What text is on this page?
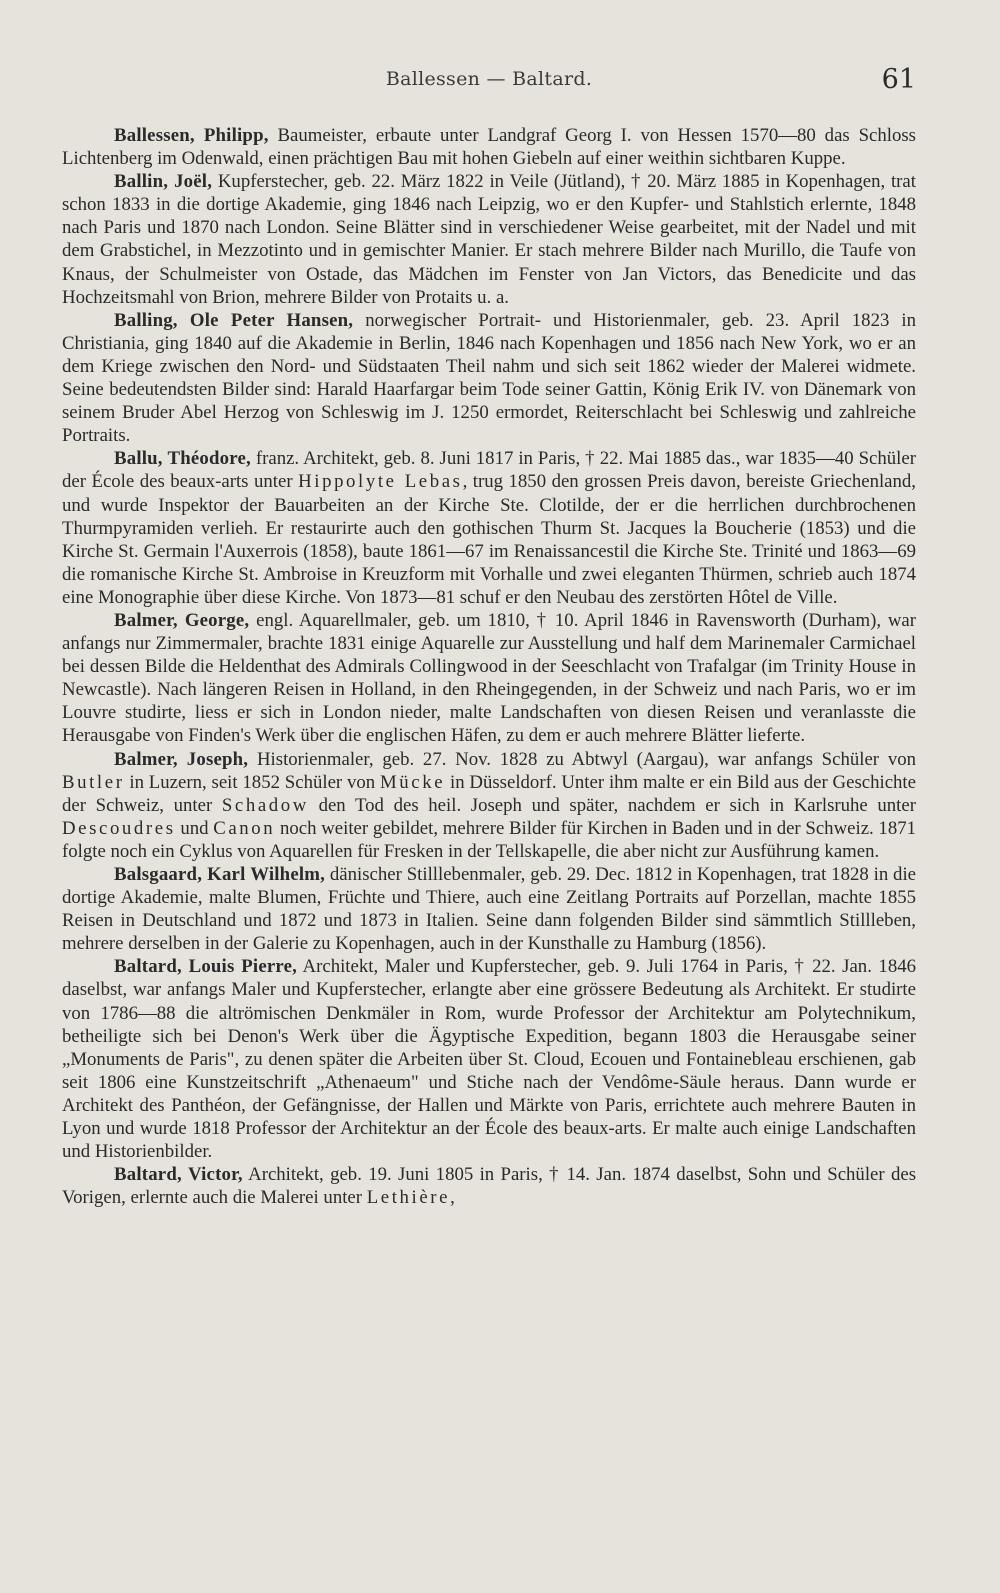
Ballessen — Baltard.	61

Ballessen, Philipp, Baumeister, erbaute unter Landgraf Georg I. von Hessen 1570—80 das Schloss Lichtenberg im Odenwald, einen prächtigen Bau mit hohen Giebeln auf einer weithin sichtbaren Kuppe.

Ballin, Joël, Kupferstecher, geb. 22. März 1822 in Veile (Jütland), † 20. März 1885 in Kopenhagen, trat schon 1833 in die dortige Akademie, ging 1846 nach Leipzig, wo er den Kupfer- und Stahlstich erlernte, 1848 nach Paris und 1870 nach London. Seine Blätter sind in verschiedener Weise gearbeitet, mit der Nadel und mit dem Grabstichel, in Mezzotinto und in gemischter Manier. Er stach mehrere Bilder nach Murillo, die Taufe von Knaus, der Schulmeister von Ostade, das Mädchen im Fenster von Jan Victors, das Benedicite und das Hochzeitsmahl von Brion, mehrere Bilder von Protaits u. a.

Balling, Ole Peter Hansen, norwegischer Portrait- und Historienmaler, geb. 23. April 1823 in Christiania, ging 1840 auf die Akademie in Berlin, 1846 nach Kopenhagen und 1856 nach New York, wo er an dem Kriege zwischen den Nord- und Südstaaten Theil nahm und sich seit 1862 wieder der Malerei widmete. Seine bedeutendsten Bilder sind: Harald Haarfargar beim Tode seiner Gattin, König Erik IV. von Dänemark von seinem Bruder Abel Herzog von Schleswig im J. 1250 ermordet, Reiterschlacht bei Schleswig und zahlreiche Portraits.

Ballu, Théodore, franz. Architekt, geb. 8. Juni 1817 in Paris, † 22. Mai 1885 das., war 1835—40 Schüler der École des beaux-arts unter Hippolyte Lebas, trug 1850 den grossen Preis davon, bereiste Griechenland, und wurde Inspektor der Bauarbeiten an der Kirche Ste. Clotilde, der er die herrlichen durchbrochenen Thurmpyramiden verlieh. Er restaurirte auch den gothischen Thurm St. Jacques la Boucherie (1853) und die Kirche St. Germain l'Auxerrois (1858), baute 1861—67 im Renaissancestil die Kirche Ste. Trinité und 1863—69 die romanische Kirche St. Ambroise in Kreuzform mit Vorhalle und zwei eleganten Thürmen, schrieb auch 1874 eine Monographie über diese Kirche. Von 1873—81 schuf er den Neubau des zerstörten Hôtel de Ville.

Balmer, George, engl. Aquarellmaler, geb. um 1810, † 10. April 1846 in Ravensworth (Durham), war anfangs nur Zimmermaler, brachte 1831 einige Aquarelle zur Ausstellung und half dem Marinemaler Carmichael bei dessen Bilde die Heldenthat des Admirals Collingwood in der Seeschlacht von Trafalgar (im Trinity House in Newcastle). Nach längeren Reisen in Holland, in den Rheingegenden, in der Schweiz und nach Paris, wo er im Louvre studirte, liess er sich in London nieder, malte Landschaften von diesen Reisen und veranlasste die Herausgabe von Finden's Werk über die englischen Häfen, zu dem er auch mehrere Blätter lieferte.

Balmer, Joseph, Historienmaler, geb. 27. Nov. 1828 zu Abtwyl (Aargau), war anfangs Schüler von Butler in Luzern, seit 1852 Schüler von Mücke in Düsseldorf. Unter ihm malte er ein Bild aus der Geschichte der Schweiz, unter Schadow den Tod des heil. Joseph und später, nachdem er sich in Karlsruhe unter Descoudres und Canon noch weiter gebildet, mehrere Bilder für Kirchen in Baden und in der Schweiz. 1871 folgte noch ein Cyklus von Aquarellen für Fresken in der Tellskapelle, die aber nicht zur Ausführung kamen.

Balsgaard, Karl Wilhelm, dänischer Stilllebenmaler, geb. 29. Dec. 1812 in Kopenhagen, trat 1828 in die dortige Akademie, malte Blumen, Früchte und Thiere, auch eine Zeitlang Portraits auf Porzellan, machte 1855 Reisen in Deutschland und 1872 und 1873 in Italien. Seine dann folgenden Bilder sind sämmtlich Stillleben, mehrere derselben in der Galerie zu Kopenhagen, auch in der Kunsthalle zu Hamburg (1856).

Baltard, Louis Pierre, Architekt, Maler und Kupferstecher, geb. 9. Juli 1764 in Paris, † 22. Jan. 1846 daselbst, war anfangs Maler und Kupferstecher, erlangte aber eine grössere Bedeutung als Architekt. Er studirte von 1786—88 die altrömischen Denkmäler in Rom, wurde Professor der Architektur am Polytechnikum, betheiligte sich bei Denon's Werk über die Ägyptische Expedition, begann 1803 die Herausgabe seiner „Monuments de Paris", zu denen später die Arbeiten über St. Cloud, Ecouen und Fontainebleau erschienen, gab seit 1806 eine Kunstzeitschrift „Athenaeum" und Stiche nach der Vendôme-Säule heraus. Dann wurde er Architekt des Panthéon, der Gefängnisse, der Hallen und Märkte von Paris, errichtete auch mehrere Bauten in Lyon und wurde 1818 Professor der Architektur an der École des beaux-arts. Er malte auch einige Landschaften und Historienbilder.

Baltard, Victor, Architekt, geb. 19. Juni 1805 in Paris, † 14. Jan. 1874 daselbst, Sohn und Schüler des Vorigen, erlernte auch die Malerei unter Lethière,
